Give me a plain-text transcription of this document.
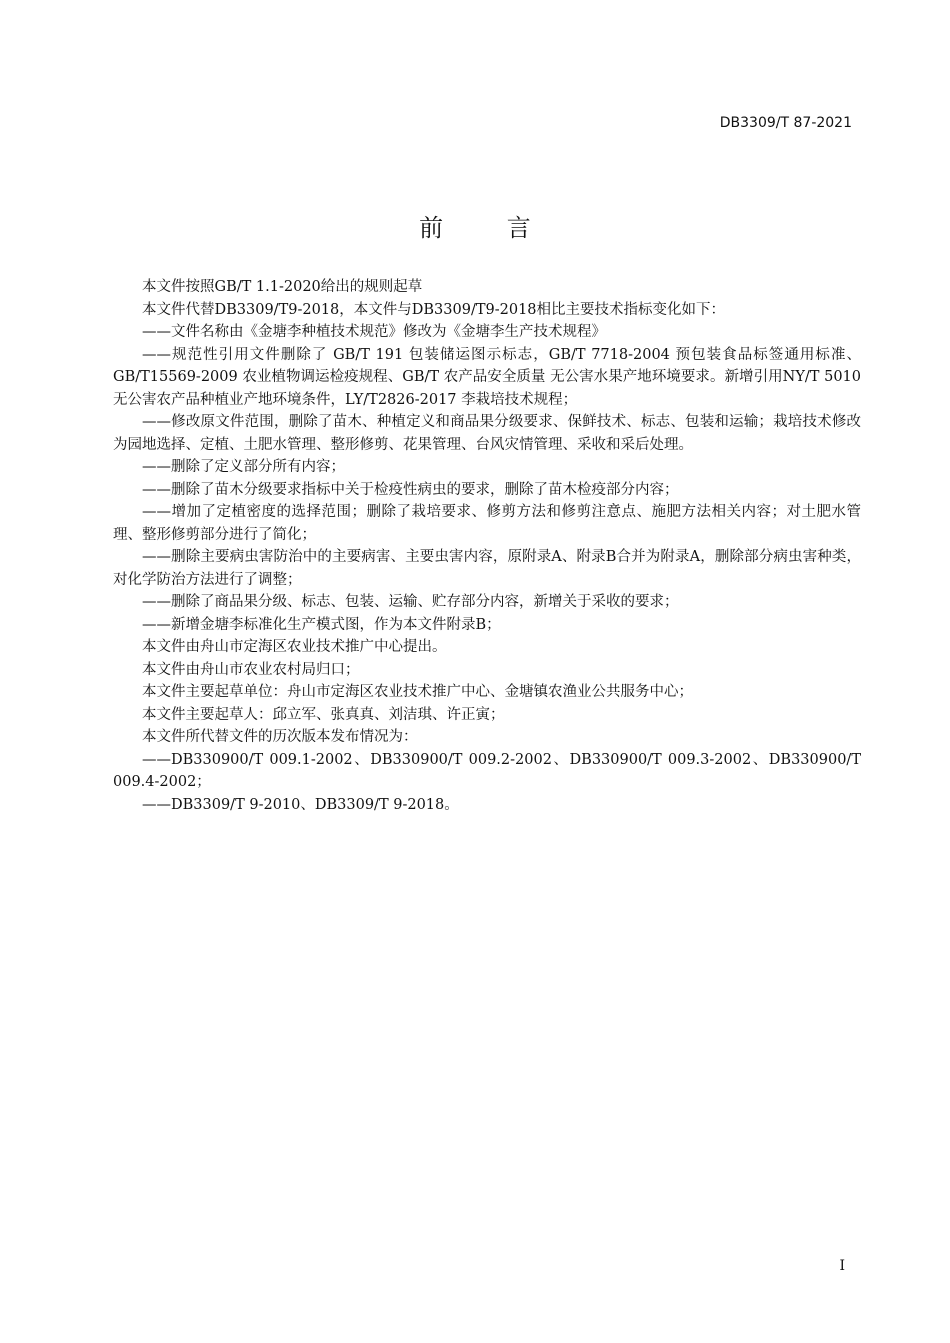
DB3309/T 87-2021
前 言

本文件按照GB/T 1.1-2020给出的规则起草

本文件代替DB3309/T9-2018，本文件与DB3309/T9-2018相比主要技术指标变化如下：

——文件名称由《金塘李种植技术规范》修改为《金塘李生产技术规程》

——规范性引用文件删除了 GB/T 191 包装储运图示标志，GB/T 7718-2004 预包装食品标签通用标准、GB/T15569-2009 农业植物调运检疫规程、GB/T 农产品安全质量 无公害水果产地环境要求。新增引用NY/T 5010 无公害农产品种植业产地环境条件，LY/T2826-2017 李栽培技术规程；

——修改原文件范围，删除了苗木、种植定义和商品果分级要求、保鲜技术、标志、包装和运输；栽培技术修改为园地选择、定植、土肥水管理、整形修剪、花果管理、台风灾情管理、采收和采后处理。

——删除了定义部分所有内容；

——删除了苗木分级要求指标中关于检疫性病虫的要求，删除了苗木检疫部分内容；

——增加了定植密度的选择范围；删除了栽培要求、修剪方法和修剪注意点、施肥方法相关内容；对土肥水管理、整形修剪部分进行了简化；

——删除主要病虫害防治中的主要病害、主要虫害内容，原附录A、附录B合并为附录A，删除部分病虫害种类，对化学防治方法进行了调整；

——删除了商品果分级、标志、包装、运输、贮存部分内容，新增关于采收的要求；

——新增金塘李标准化生产模式图，作为本文件附录B；

本文件由舟山市定海区农业技术推广中心提出。

本文件由舟山市农业农村局归口；

本文件主要起草单位：舟山市定海区农业技术推广中心、金塘镇农渔业公共服务中心；

本文件主要起草人：邱立军、张真真、刘洁琪、许正寅；

本文件所代替文件的历次版本发布情况为：

——DB330900/T 009.1-2002、DB330900/T 009.2-2002、DB330900/T 009.3-2002、DB330900/T 009.4-2002；

——DB3309/T 9-2010、DB3309/T 9-2018。

I
